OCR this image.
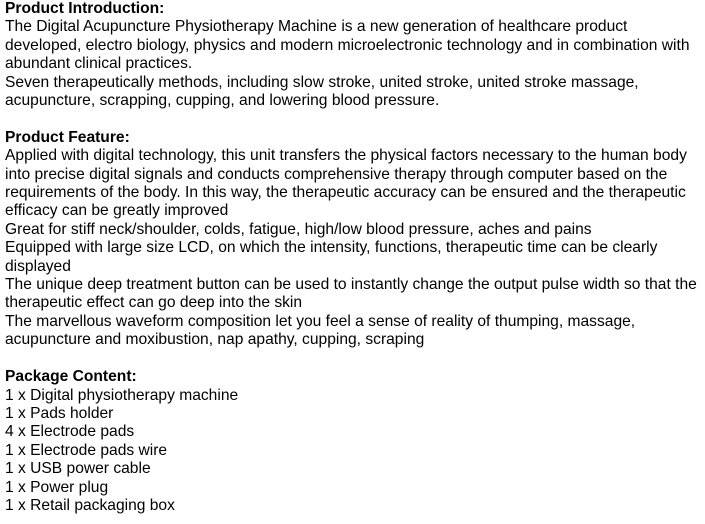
Product Introduction:

The Digital Acupuncture Physiotherapy Machine is a new generation of healthcare product developed, electro biology, physics and modern microelectronic technology and in combination with abundant clinical practices.

Seven therapeutically methods, including slow stroke, united stroke, united stroke massage, acupuncture, scrapping, cupping, and lowering blood pressure.

Product Feature:

Applied with digital technology, this unit transfers the physical factors necessary to the human body into precise digital signals and conducts comprehensive therapy through computer based on the requirements of the body. In this way, the therapeutic accuracy can be ensured and the therapeutic efficacy can be greatly improved

Great for stiff neck/shoulder, colds, fatigue, high/low blood pressure, aches and pains

Equipped with large size LCD, on which the intensity, functions, therapeutic time can be clearly displayed

The unique deep treatment button can be used to instantly change the output pulse width so that the therapeutic effect can go deep into the skin

The marvellous waveform composition let you feel a sense of reality of thumping, massage, acupuncture and moxibustion, nap apathy, cupping, scraping

Package Content:

1 x Digital physiotherapy machine
1 x Pads holder
4 x Electrode pads
1 x Electrode pads wire
1 x USB power cable
1 x Power plug
1 x Retail packaging box
